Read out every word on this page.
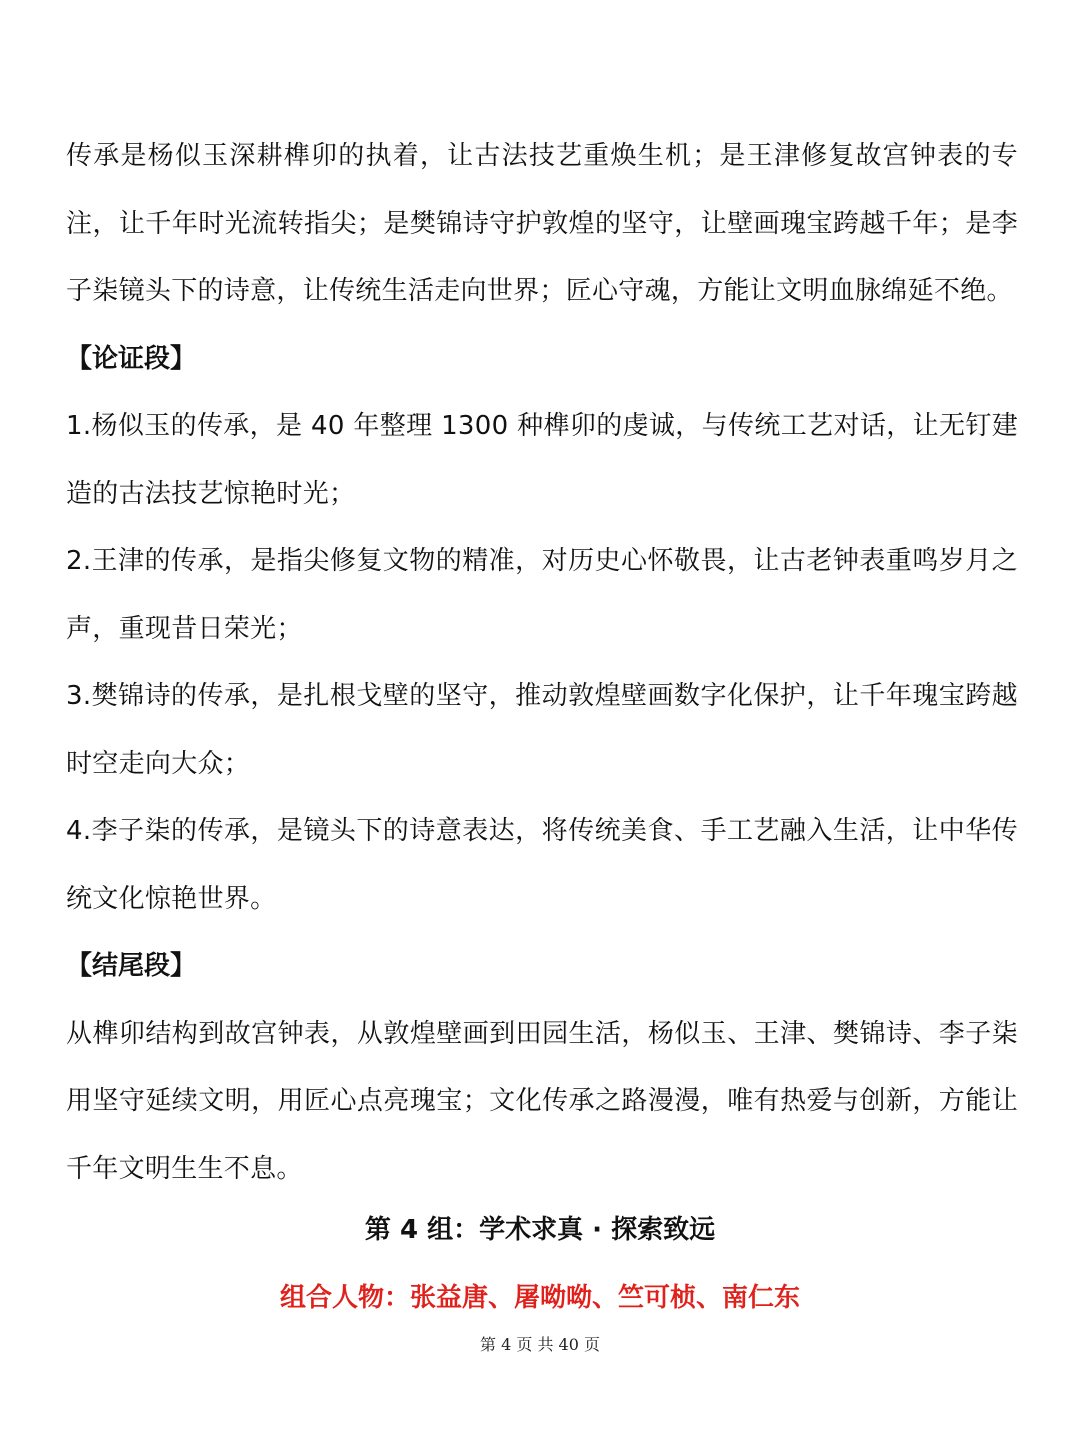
传承是杨似玉深耕榫卯的执着，让古法技艺重焕生机；是王津修复故宫钟表的专注，让千年时光流转指尖；是樊锦诗守护敦煌的坚守，让壁画瑰宝跨越千年；是李子柒镜头下的诗意，让传统生活走向世界；匠心守魂，方能让文明血脉绵延不绝。

【论证段】

1.杨似玉的传承，是 40 年整理 1300 种榫卯的虔诚，与传统工艺对话，让无钉建造的古法技艺惊艳时光；

2.王津的传承，是指尖修复文物的精准，对历史心怀敬畏，让古老钟表重鸣岁月之声，重现昔日荣光；

3.樊锦诗的传承，是扎根戈壁的坚守，推动敦煌壁画数字化保护，让千年瑰宝跨越时空走向大众；

4.李子柒的传承，是镜头下的诗意表达，将传统美食、手工艺融入生活，让中华传统文化惊艳世界。

【结尾段】

从榫卯结构到故宫钟表，从敦煌壁画到田园生活，杨似玉、王津、樊锦诗、李子柒用坚守延续文明，用匠心点亮瑰宝；文化传承之路漫漫，唯有热爱与创新，方能让千年文明生生不息。

第 4 组：学术求真 · 探索致远
组合人物：张益唐、屠呦呦、竺可桢、南仁东
第 4 页 共 40 页
